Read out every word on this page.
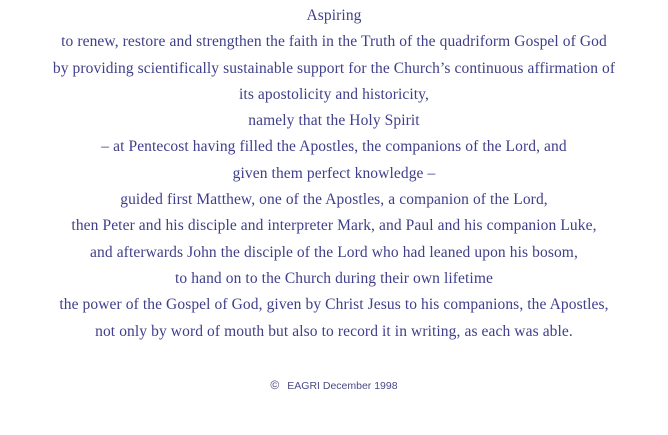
Aspiring
to renew, restore and strengthen the faith in the Truth of the quadriform Gospel of God
by providing scientifically sustainable support for the Church’s continuous affirmation of
its apostolicity and historicity,
namely that the Holy Spirit
– at Pentecost having filled the Apostles, the companions of the Lord, and
given them perfect knowledge –
guided first Matthew, one of the Apostles, a companion of the Lord,
then Peter and his disciple and interpreter Mark, and Paul and his companion Luke,
and afterwards John the disciple of the Lord who had leaned upon his bosom,
to hand on to the Church during their own lifetime
the power of the Gospel of God, given by Christ Jesus to his companions, the Apostles,
not only by word of mouth but also to record it in writing, as each was able.
© EAGRI December 1998
